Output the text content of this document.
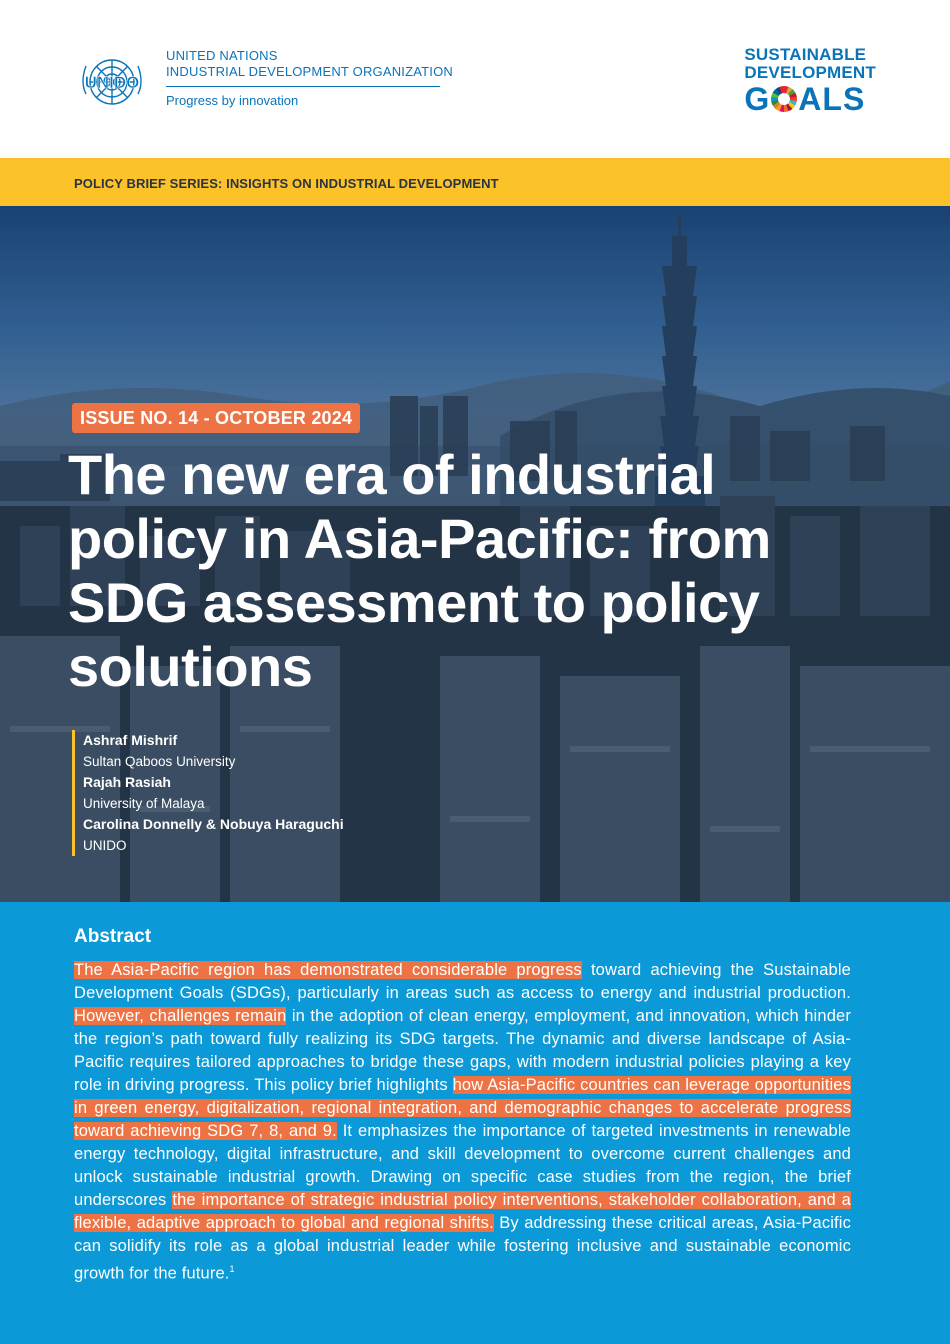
UNIDO
UNITED NATIONS
INDUSTRIAL DEVELOPMENT ORGANIZATION
Progress by innovation
SUSTAINABLE
DEVELOPMENT
G ALS
POLICY BRIEF SERIES: INSIGHTS ON INDUSTRIAL DEVELOPMENT
ISSUE NO. 14 - OCTOBER 2024
The new era of industrial policy in Asia-Pacific: from SDG assessment to policy solutions
Ashraf Mishrif
Sultan Qaboos University
Rajah Rasiah
University of Malaya
Carolina Donnelly & Nobuya Haraguchi
UNIDO
Abstract

The Asia-Pacific region has demonstrated considerable progress toward achieving the Sustainable Development Goals (SDGs), particularly in areas such as access to energy and industrial production. However, challenges remain in the adoption of clean energy, employment, and innovation, which hinder the region’s path toward fully realizing its SDG targets. The dynamic and diverse landscape of Asia-Pacific requires tailored approaches to bridge these gaps, with modern industrial policies playing a key role in driving progress. This policy brief highlights how Asia-Pacific countries can leverage opportunities in green energy, digitalization, regional integration, and demographic changes to accelerate progress toward achieving SDG 7, 8, and 9. It emphasizes the importance of targeted investments in renewable energy technology, digital infrastructure, and skill development to overcome current challenges and unlock sustainable industrial growth. Drawing on specific case studies from the region, the brief underscores the importance of strategic industrial policy interventions, stakeholder collaboration, and a flexible, adaptive approach to global and regional shifts. By addressing these critical areas, Asia-Pacific can solidify its role as a global industrial leader while fostering inclusive and sustainable economic growth for the future.$^1$
